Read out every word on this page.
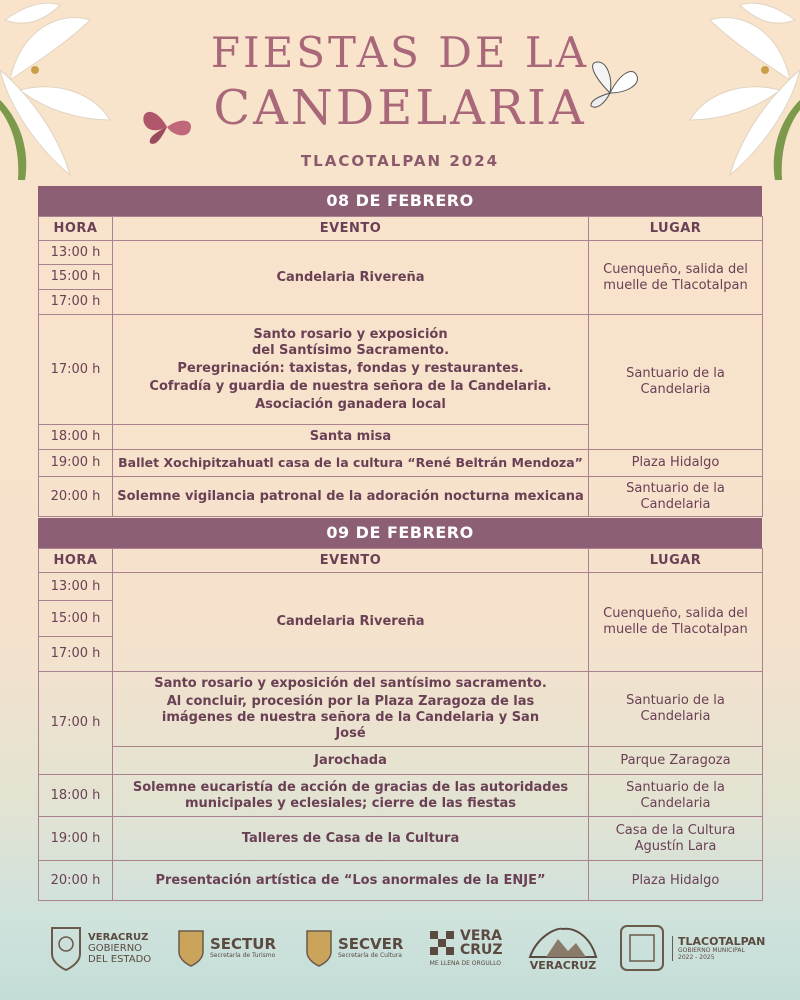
FIESTAS DE LA
CANDELARIA
TLACOTALPAN 2024
08 DE FEBRERO
HORA	EVENTO	LUGAR
13:00 h	Candelaria Rivereña	Cuenqueño, salida del muelle de Tlacotalpan
15:00 h		
17:00 h		
17:00 h	Santo rosario y exposición del Santísimo Sacramento.

Peregrinación: taxistas, fondas y restaurantes.

Cofradía y guardia de nuestra señora de la Candelaria.

Asociación ganadera local	Santuario de la Candelaria
18:00 h	Santa misa	
19:00 h	Ballet Xochipitzahuatl casa de la cultura “René Beltrán Mendoza”	Plaza Hidalgo
20:00 h	Solemne vigilancia patronal de la adoración nocturna mexicana	Santuario de la Candelaria
09 DE FEBRERO
HORA	EVENTO	LUGAR
13:00 h	Candelaria Rivereña	Cuenqueño, salida del muelle de Tlacotalpan
15:00 h		
17:00 h		
17:00 h	Santo rosario y exposición del santísimo sacramento.

Al concluir, procesión por la Plaza Zaragoza de las imágenes de nuestra señora de la Candelaria y San José	Santuario de la Candelaria
	Jarochada	Parque Zaragoza
18:00 h	Solemne eucaristía de acción de gracias de las autoridades municipales y eclesiales; cierre de las fiestas	Santuario de la Candelaria
19:00 h	Talleres de Casa de la Cultura	Casa de la Cultura Agustín Lara
20:00 h	Presentación artística de “Los anormales de la ENJE”	Plaza Hidalgo
VERACRUZ
GOBIERNO
DEL ESTADO
SECTUR
Secretaría de Turismo
SECVER
Secretaría de Cultura
VERA
CRUZ
ME LLENA DE ORGULLO	VERACRUZ
TLACOTALPAN
GOBIERNO MUNICIPAL
2022 - 2025
